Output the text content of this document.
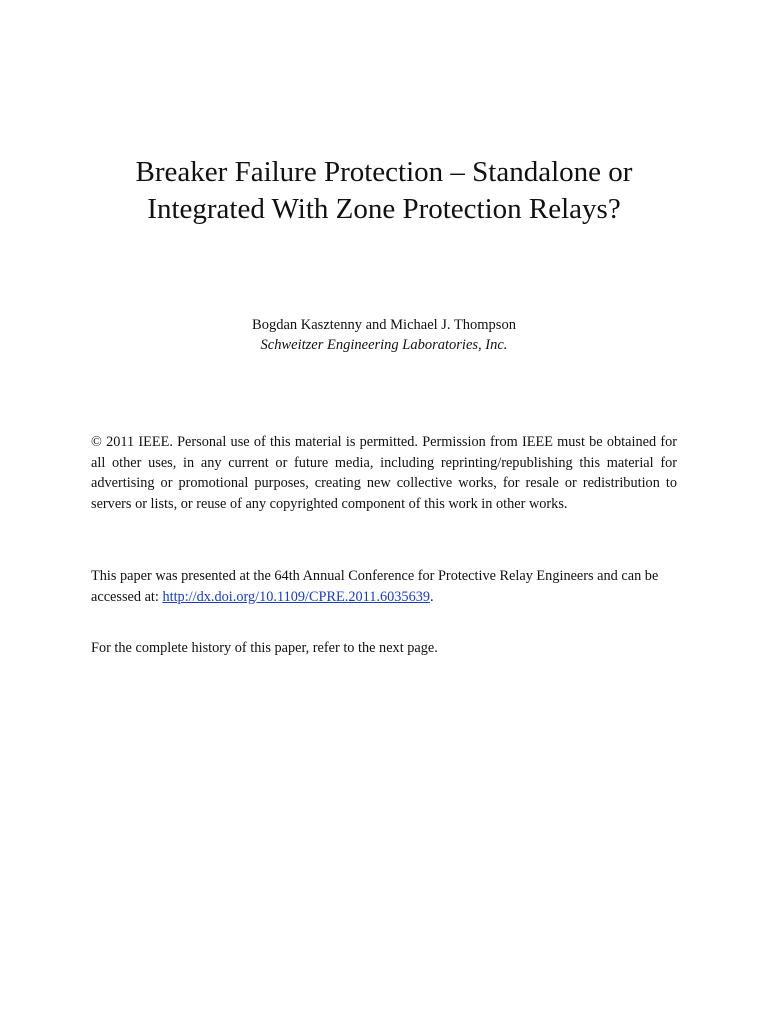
Breaker Failure Protection – Standalone or
Integrated With Zone Protection Relays?
Bogdan Kasztenny and Michael J. Thompson
Schweitzer Engineering Laboratories, Inc.

© 2011 IEEE. Personal use of this material is permitted. Permission from IEEE must be obtained for all other uses, in any current or future media, including reprinting/republishing this material for advertising or promotional purposes, creating new collective works, for resale or redistribution to servers or lists, or reuse of any copyrighted component of this work in other works.

This paper was presented at the 64th Annual Conference for Protective Relay Engineers and can be accessed at: http://dx.doi.org/10.1109/CPRE.2011.6035639.

For the complete history of this paper, refer to the next page.
